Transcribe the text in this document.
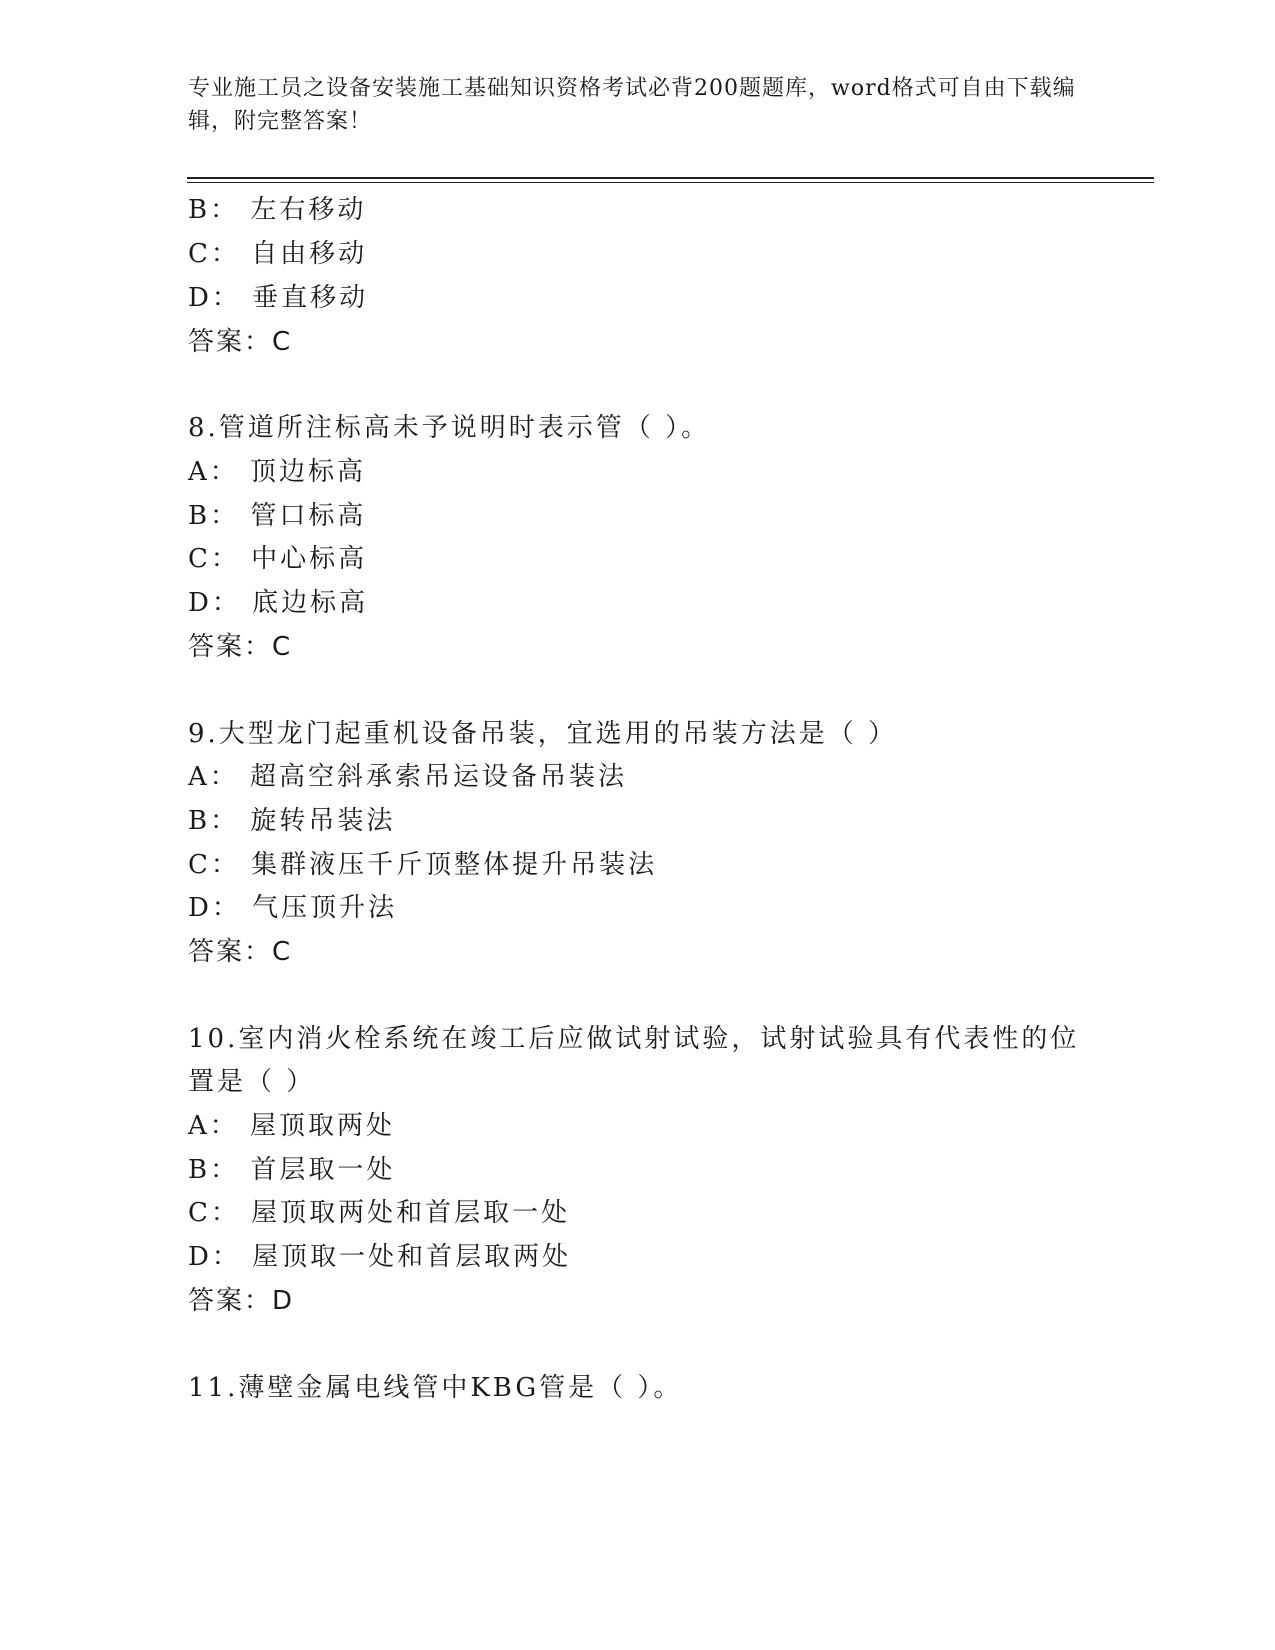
专业施工员之设备安装施工基础知识资格考试必背200题题库，word格式可自由下载编辑，附完整答案！
B： 左右移动
C： 自由移动
D： 垂直移动
答案：C
8.管道所注标高未予说明时表示管（ ）。
A： 顶边标高
B： 管口标高
C： 中心标高
D： 底边标高
答案：C
9.大型龙门起重机设备吊装，宜选用的吊装方法是（ ）
A： 超高空斜承索吊运设备吊装法
B： 旋转吊装法
C： 集群液压千斤顶整体提升吊装法
D： 气压顶升法
答案：C
10.室内消火栓系统在竣工后应做试射试验，试射试验具有代表性的位
置是（ ）
A： 屋顶取两处
B： 首层取一处
C： 屋顶取两处和首层取一处
D： 屋顶取一处和首层取两处
答案：D
11.薄壁金属电线管中KBG管是（ ）。
